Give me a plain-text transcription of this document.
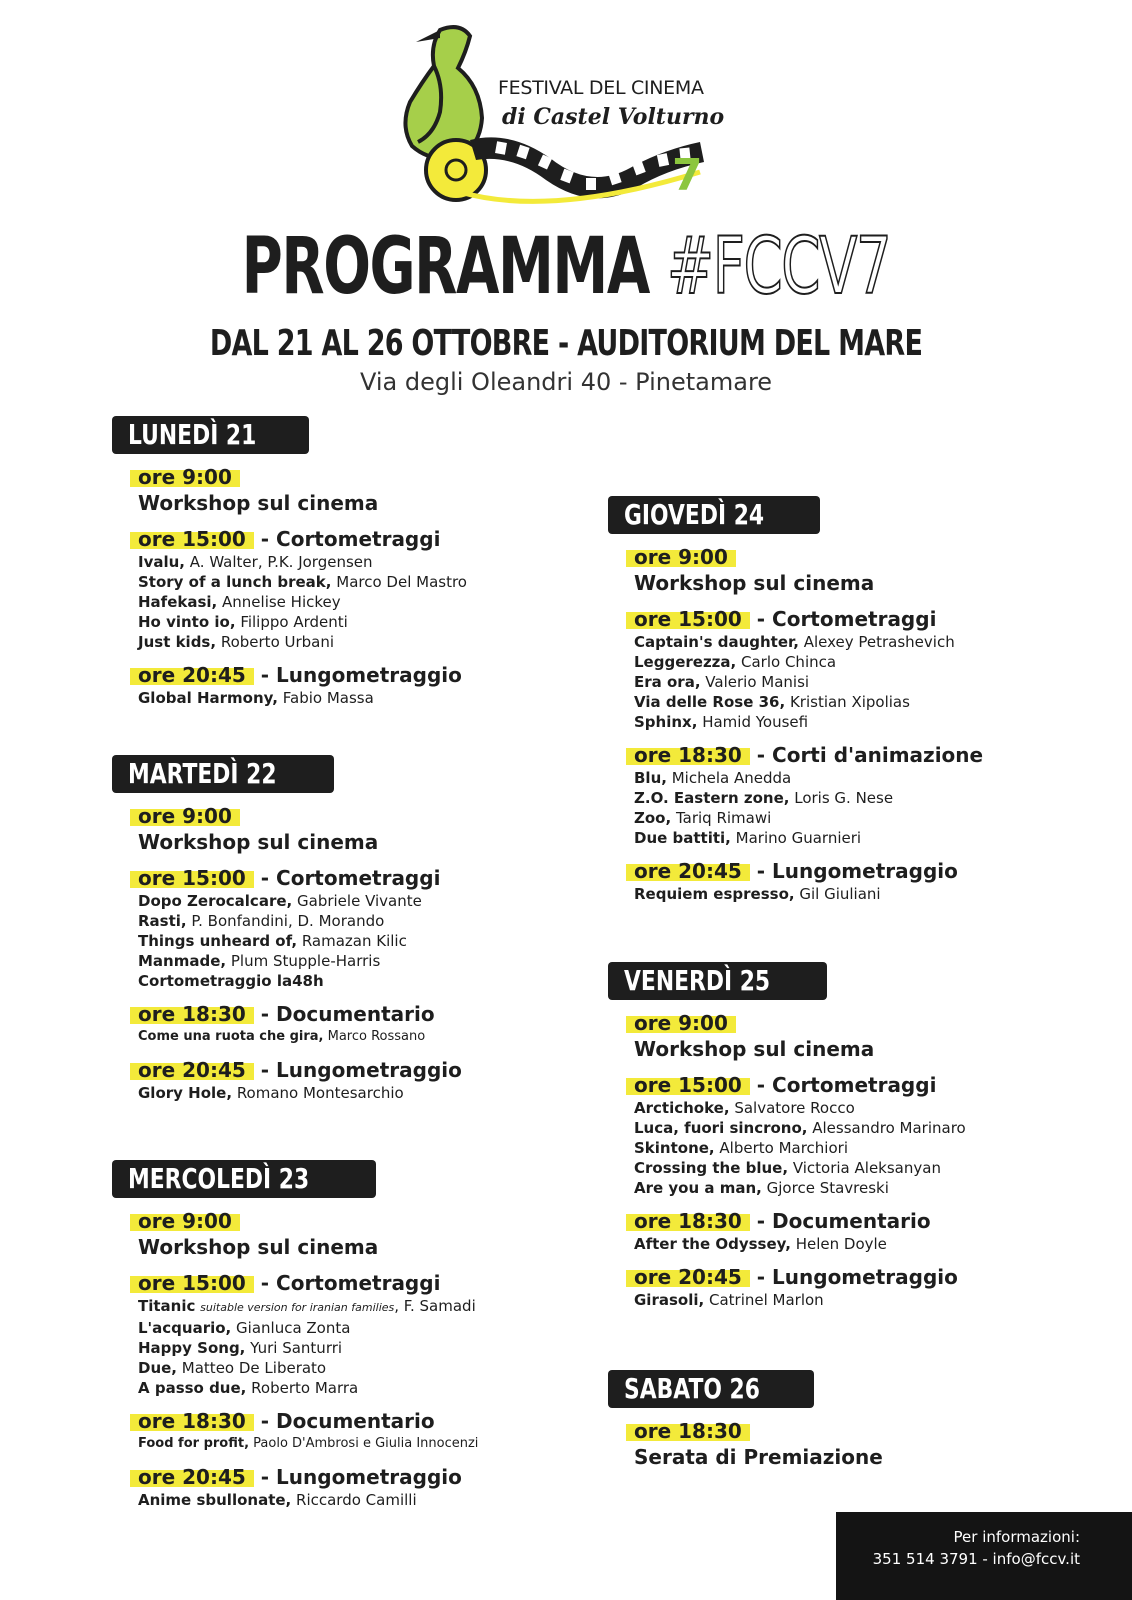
FESTIVAL DEL CINEMA
di Castel Volturno
7
PROGRAMMA #FCCV7
DAL 21 AL 26 OTTOBRE - AUDITORIUM DEL MARE
Via degli Oleandri 40 - Pinetamare
LUNEDÌ 21
ore 9:00
Workshop sul cinema
ore 15:00 - Cortometraggi
Ivalu, A. Walter, P.K. Jorgensen
Story of a lunch break, Marco Del Mastro
Hafekasi, Annelise Hickey
Ho vinto io, Filippo Ardenti
Just kids, Roberto Urbani
ore 20:45 - Lungometraggio
Global Harmony, Fabio Massa
MARTEDÌ 22
ore 9:00
Workshop sul cinema
ore 15:00 - Cortometraggi
Dopo Zerocalcare, Gabriele Vivante
Rasti, P. Bonfandini, D. Morando
Things unheard of, Ramazan Kilic
Manmade, Plum Stupple-Harris
Cortometraggio la48h
ore 18:30 - Documentario
Come una ruota che gira, Marco Rossano
ore 20:45 - Lungometraggio
Glory Hole, Romano Montesarchio
MERCOLEDÌ 23
ore 9:00
Workshop sul cinema
ore 15:00 - Cortometraggi
Titanic suitable version for iranian families, F. Samadi
L'acquario, Gianluca Zonta
Happy Song, Yuri Santurri
Due, Matteo De Liberato
A passo due, Roberto Marra
ore 18:30 - Documentario
Food for profit, Paolo D'Ambrosi e Giulia Innocenzi
ore 20:45 - Lungometraggio
Anime sbullonate, Riccardo Camilli
GIOVEDÌ 24
ore 9:00
Workshop sul cinema
ore 15:00 - Cortometraggi
Captain's daughter, Alexey Petrashevich
Leggerezza, Carlo Chinca
Era ora, Valerio Manisi
Via delle Rose 36, Kristian Xipolias
Sphinx, Hamid Yousefi
ore 18:30 - Corti d'animazione
Blu, Michela Anedda
Z.O. Eastern zone, Loris G. Nese
Zoo, Tariq Rimawi
Due battiti, Marino Guarnieri
ore 20:45 - Lungometraggio
Requiem espresso, Gil Giuliani
VENERDÌ 25
ore 9:00
Workshop sul cinema
ore 15:00 - Cortometraggi
Arctichoke, Salvatore Rocco
Luca, fuori sincrono, Alessandro Marinaro
Skintone, Alberto Marchiori
Crossing the blue, Victoria Aleksanyan
Are you a man, Gjorce Stavreski
ore 18:30 - Documentario
After the Odyssey, Helen Doyle
ore 20:45 - Lungometraggio
Girasoli, Catrinel Marlon
SABATO 26
ore 18:30
Serata di Premiazione
Per informazioni:
351 514 3791 - info@fccv.it
